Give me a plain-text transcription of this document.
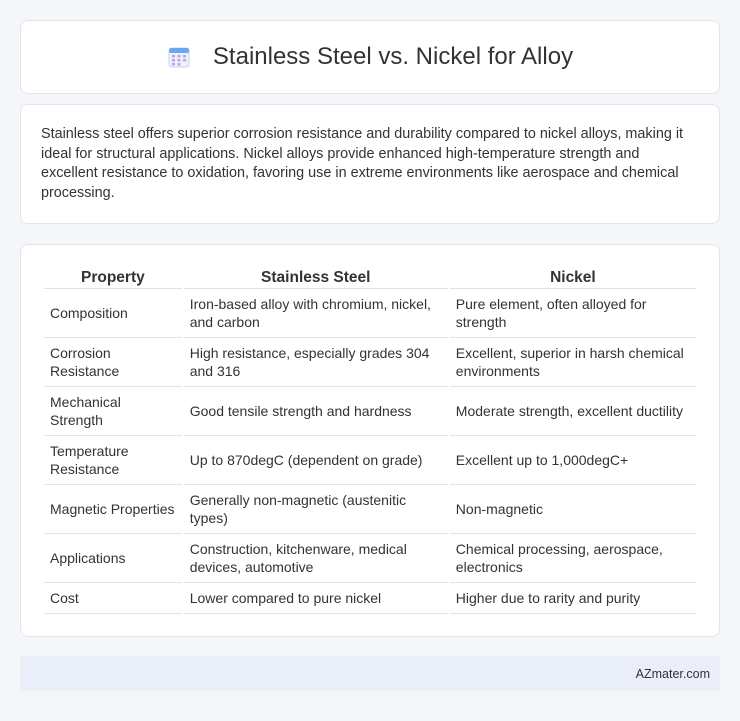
Stainless Steel vs. Nickel for Alloy

Stainless steel offers superior corrosion resistance and durability compared to nickel alloys, making it ideal for structural applications. Nickel alloys provide enhanced high-temperature strength and excellent resistance to oxidation, favoring use in extreme environments like aerospace and chemical processing.

Property	Stainless Steel	Nickel
Composition	Iron-based alloy with chromium, nickel, and carbon	Pure element, often alloyed for strength
Corrosion Resistance	High resistance, especially grades 304 and 316	Excellent, superior in harsh chemical environments
Mechanical Strength	Good tensile strength and hardness	Moderate strength, excellent ductility
Temperature Resistance	Up to 870degC (dependent on grade)	Excellent up to 1,000degC+
Magnetic Properties	Generally non-magnetic (austenitic types)	Non-magnetic
Applications	Construction, kitchenware, medical devices, automotive	Chemical processing, aerospace, electronics
Cost	Lower compared to pure nickel	Higher due to rarity and purity
AZmater.com
